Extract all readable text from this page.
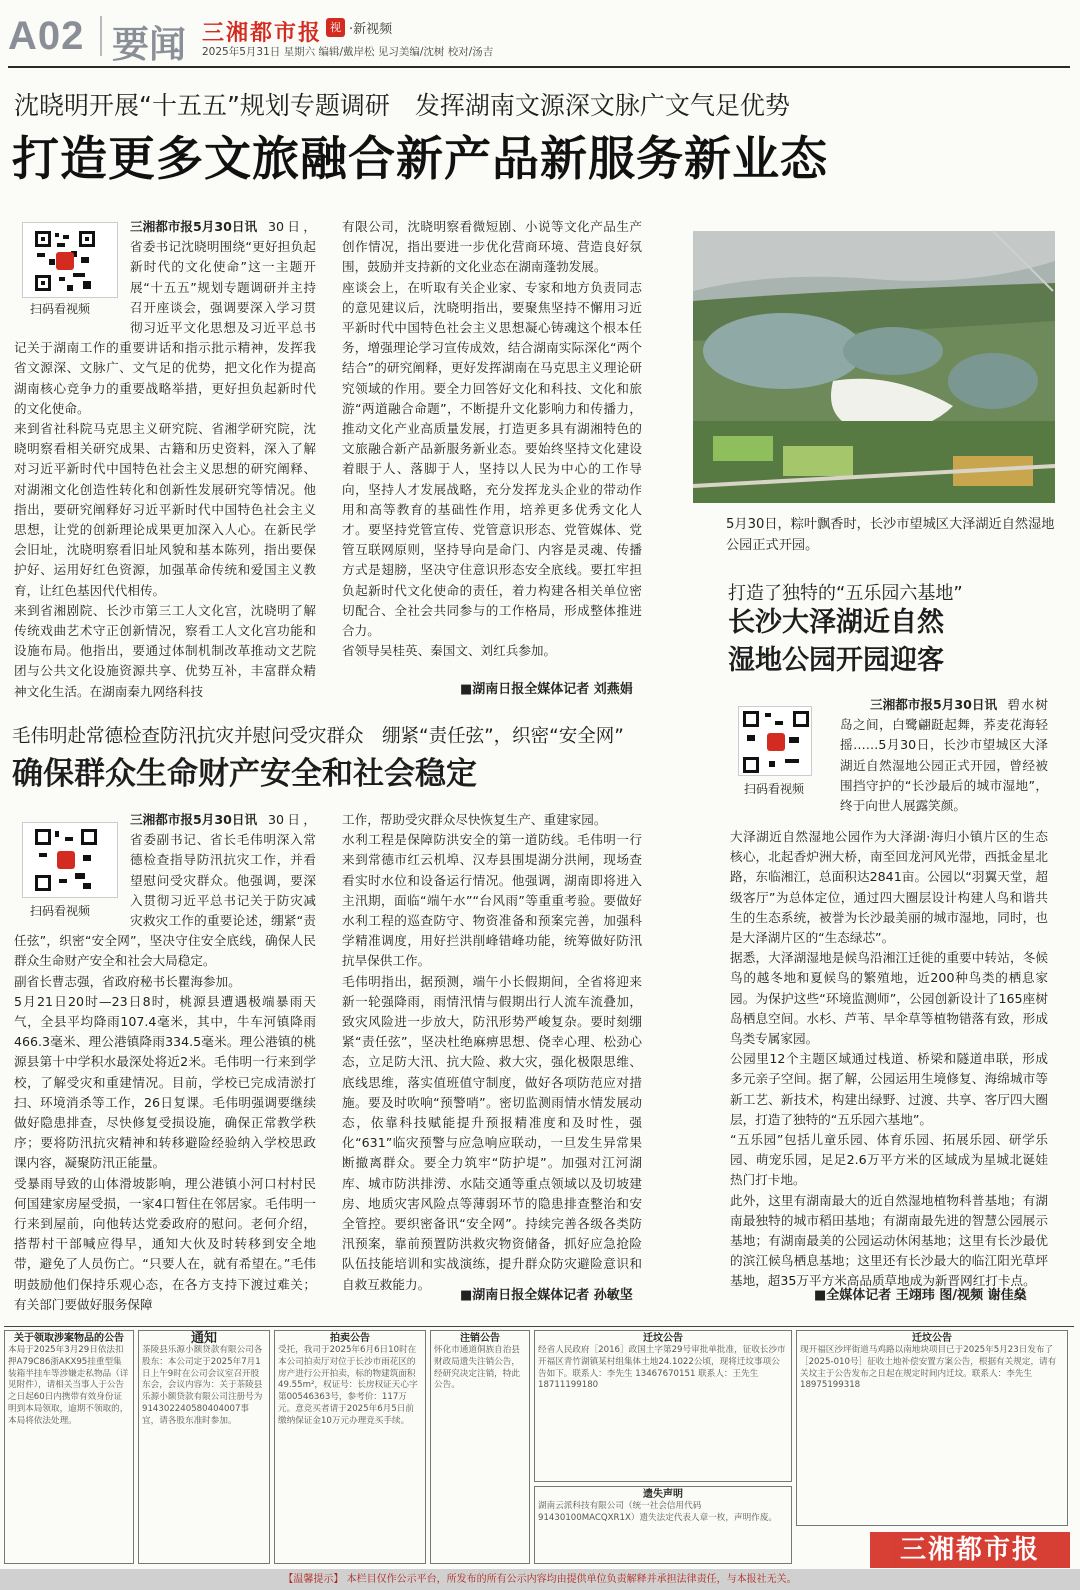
A02 要闻 三湘都市报 视 ·新视频
2025年5月31日 星期六 编辑/戴岸松 见习美编/沈树 校对/汤吉
沈晓明开展“十五五”规划专题调研　发挥湖南文源深文脉广文气足优势
打造更多文旅融合新产品新服务新业态
扫码看视频
三湘都市报5月30日讯 30日，省委书记沈晓明围绕“更好担负起新时代的文化使命”这一主题开展“十五五”规划专题调研并主持召开座谈会，强调要深入学习贯彻习近平文化思想及习近平总书记关于湖南工作的重要讲话和指示批示精神，发挥我省文源深、文脉广、文气足的优势，把文化作为提高湖南核心竞争力的重要战略举措，更好担负起新时代的文化使命。
来到省社科院马克思主义研究院、省湘学研究院，沈晓明察看相关研究成果、古籍和历史资料，深入了解对习近平新时代中国特色社会主义思想的研究阐释、对湖湘文化创造性转化和创新性发展研究等情况。他指出，要研究阐释好习近平新时代中国特色社会主义思想，让党的创新理论成果更加深入人心。在新民学会旧址，沈晓明察看旧址风貌和基本陈列，指出要保护好、运用好红色资源，加强革命传统和爱国主义教育，让红色基因代代相传。
来到省湘剧院、长沙市第三工人文化宫，沈晓明了解传统戏曲艺术守正创新情况，察看工人文化宫功能和设施布局。他指出，要通过体制机制改革推动文艺院团与公共文化设施资源共享、优势互补，丰富群众精神文化生活。在湖南秦九网络科技
有限公司，沈晓明察看微短剧、小说等文化产品生产创作情况，指出要进一步优化营商环境、营造良好氛围，鼓励并支持新的文化业态在湖南蓬勃发展。
座谈会上，在听取有关企业家、专家和地方负责同志的意见建议后，沈晓明指出，要聚焦坚持不懈用习近平新时代中国特色社会主义思想凝心铸魂这个根本任务，增强理论学习宣传成效，结合湖南实际深化“两个结合”的研究阐释，更好发挥湖南在马克思主义理论研究领域的作用。要全力回答好文化和科技、文化和旅游“两道融合命题”，不断提升文化影响力和传播力，推动文化产业高质量发展，打造更多具有湖湘特色的文旅融合新产品新服务新业态。要始终坚持文化建设着眼于人、落脚于人，坚持以人民为中心的工作导向，坚持人才发展战略，充分发挥龙头企业的带动作用和高等教育的基础性作用，培养更多优秀文化人才。要坚持党管宣传、党管意识形态、党管媒体、党管互联网原则，坚持导向是命门、内容是灵魂、传播方式是翅膀，坚决守住意识形态安全底线。要扛牢担负起新时代文化使命的责任，着力构建各相关单位密切配合、全社会共同参与的工作格局，形成整体推进合力。
省领导吴桂英、秦国文、刘红兵参加。
■湖南日报全媒体记者 刘燕娟
5月30日，粽叶飘香时，长沙市望城区大泽湖近自然湿地公园正式开园。
打造了独特的“五乐园六基地”
长沙大泽湖近自然
湿地公园开园迎客
扫码看视频
三湘都市报5月30日讯 碧水树岛之间，白鹭翩跹起舞，荞麦花海轻摇……5月30日，长沙市望城区大泽湖近自然湿地公园正式开园，曾经被围挡守护的“长沙最后的城市湿地”，终于向世人展露笑颜。
大泽湖近自然湿地公园作为大泽湖·海归小镇片区的生态核心，北起香炉洲大桥，南至回龙河风光带，西抵金星北路，东临湘江，总面积达2841亩。公园以“羽翼天堂，超级客厅”为总体定位，通过四大圈层设计构建人鸟和谐共生的生态系统，被誉为长沙最美丽的城市湿地，同时，也是大泽湖片区的“生态绿芯”。
据悉，大泽湖湿地是候鸟沿湘江迁徙的重要中转站，冬候鸟的越冬地和夏候鸟的繁殖地，近200种鸟类的栖息家园。为保护这些“环境监测师”，公园创新设计了165座树岛栖息空间。水杉、芦苇、旱伞草等植物错落有致，形成鸟类专属家园。
公园里12个主题区域通过栈道、桥梁和隧道串联，形成多元亲子空间。据了解，公园运用生境修复、海绵城市等新工艺、新技术，构建出绿野、过渡、共享、客厅四大圈层，打造了独特的“五乐园六基地”。
“五乐园”包括儿童乐园、体育乐园、拓展乐园、研学乐园、萌宠乐园，足足2.6万平方米的区域成为星城北诞娃热门打卡地。
此外，这里有湖南最大的近自然湿地植物科普基地；有湖南最独特的城市稻田基地；有湖南最先进的智慧公园展示基地；有湖南最美的公园运动休闲基地；这里有长沙最优的滨江候鸟栖息基地；这里还有长沙最大的临江阳光草坪基地，超35万平方米高品质草地成为新晋网红打卡点。
■全媒体记者 王翊玮 图/视频 谢佳燊
毛伟明赴常德检查防汛抗灾并慰问受灾群众　绷紧“责任弦”，织密“安全网”
确保群众生命财产安全和社会稳定
扫码看视频
三湘都市报5月30日讯 30日，省委副书记、省长毛伟明深入常德检查指导防汛抗灾工作，并看望慰问受灾群众。他强调，要深入贯彻习近平总书记关于防灾减灾救灾工作的重要论述，绷紧“责任弦”，织密“安全网”，坚决守住安全底线，确保人民群众生命财产安全和社会大局稳定。
副省长曹志强，省政府秘书长瞿海参加。
5月21日20时—23日8时，桃源县遭遇极端暴雨天气，全县平均降雨107.4毫米，其中，牛车河镇降雨466.3毫米、理公港镇降雨334.5毫米。理公港镇的桃源县第十中学积水最深处将近2米。毛伟明一行来到学校，了解受灾和重建情况。目前，学校已完成清淤打扫、环境消杀等工作，26日复课。毛伟明强调要继续做好隐患排查，尽快修复受损设施，确保正常教学秩序；要将防汛抗灾精神和转移避险经验纳入学校思政课内容，凝聚防汛正能量。
受暴雨导致的山体滑坡影响，理公港镇小河口村村民何国建家房屋受损，一家4口暂住在邻居家。毛伟明一行来到屋前，向他转达党委政府的慰问。老何介绍，搭帮村干部喊应得早，通知大伙及时转移到安全地带，避免了人员伤亡。“只要人在，就有希望在。”毛伟明鼓励他们保持乐观心态，在各方支持下渡过难关；有关部门要做好服务保障
工作，帮助受灾群众尽快恢复生产、重建家园。
水利工程是保障防洪安全的第一道防线。毛伟明一行来到常德市红云机埠、汉寿县围堤湖分洪闸，现场查看实时水位和设备运行情况。他强调，湖南即将进入主汛期，面临“端午水”“台风雨”等重重考验。要做好水利工程的巡查防守、物资准备和预案完善，加强科学精准调度，用好拦洪削峰错峰功能，统筹做好防汛抗旱保供工作。
毛伟明指出，据预测，端午小长假期间，全省将迎来新一轮强降雨，雨情汛情与假期出行人流车流叠加，致灾风险进一步放大，防汛形势严峻复杂。要时刻绷紧“责任弦”，坚决杜绝麻痹思想、侥幸心理、松劲心态，立足防大汛、抗大险、救大灾，强化极限思维、底线思维，落实值班值守制度，做好各项防范应对措施。要及时吹响“预警哨”。密切监测雨情水情发展动态，依靠科技赋能提升预报精准度和及时性，强化“631”临灾预警与应急响应联动，一旦发生异常果断撤离群众。要全力筑牢“防护堤”。加强对江河湖库、城市防洪排涝、水陆交通等重点领域以及切坡建房、地质灾害风险点等薄弱环节的隐患排查整治和安全管控。要织密备讯“安全网”。持续完善各级各类防汛预案，靠前预置防洪救灾物资储备，抓好应急抢险队伍技能培训和实战演练，提升群众防灾避险意识和自救互救能力。
■湖南日报全媒体记者 孙敏坚
关于领取涉案物品的公告
本局于2025年3月29日依法扣押A79C86浙AKX95挂重型集装箱半挂车等涉嫌走私物品（详见附件），请相关当事人于公告之日起60日内携带有效身份证明到本局领取，逾期不领取的，本局将依法处理。
通知
茶陵县乐源小额贷款有限公司各股东：本公司定于2025年7月1日上午9时在公司会议室召开股东会，会议内容为：关于茶陵县乐源小额贷款有限公司注册号为914302240580404007事宜，请各股东准时参加。
拍卖公告
受托，我司于2025年6月6日10时在本公司拍卖厅对位于长沙市雨花区的房产进行公开拍卖，标的物建筑面积49.55m²，权证号：长房权证天心字第00546363号，参考价：117万元。意竞买者请于2025年6月5日前缴纳保证金10万元办理竞买手续。
注销公告
怀化市通道侗族自治县财政局遗失注销公告，经研究决定注销，特此公告。
迁坟公告
经省人民政府［2016］政国土字第29号审批单批准，征收长沙市开福区青竹湖镇某村组集体土地24.1022公顷，现将迁坟事项公告如下。联系人：李先生 13467670151 联系人：王先生 18711199180
遗失声明
湖南云派科技有限公司（统一社会信用代码91430100MACQXR1X）遗失法定代表人章一枚，声明作废。
迁坟公告
现开福区沙坪街道马鸡路以南地块项目已于2025年5月23日发布了［2025-010号］征收土地补偿安置方案公告，根据有关规定，请有关坟主于公告发布之日起在规定时间内迁坟。联系人：李先生 18975199318
三湘都市报
【温馨提示】 本栏目仅作公示平台，所发布的所有公示内容均由提供单位负责解释并承担法律责任，与本报社无关。
